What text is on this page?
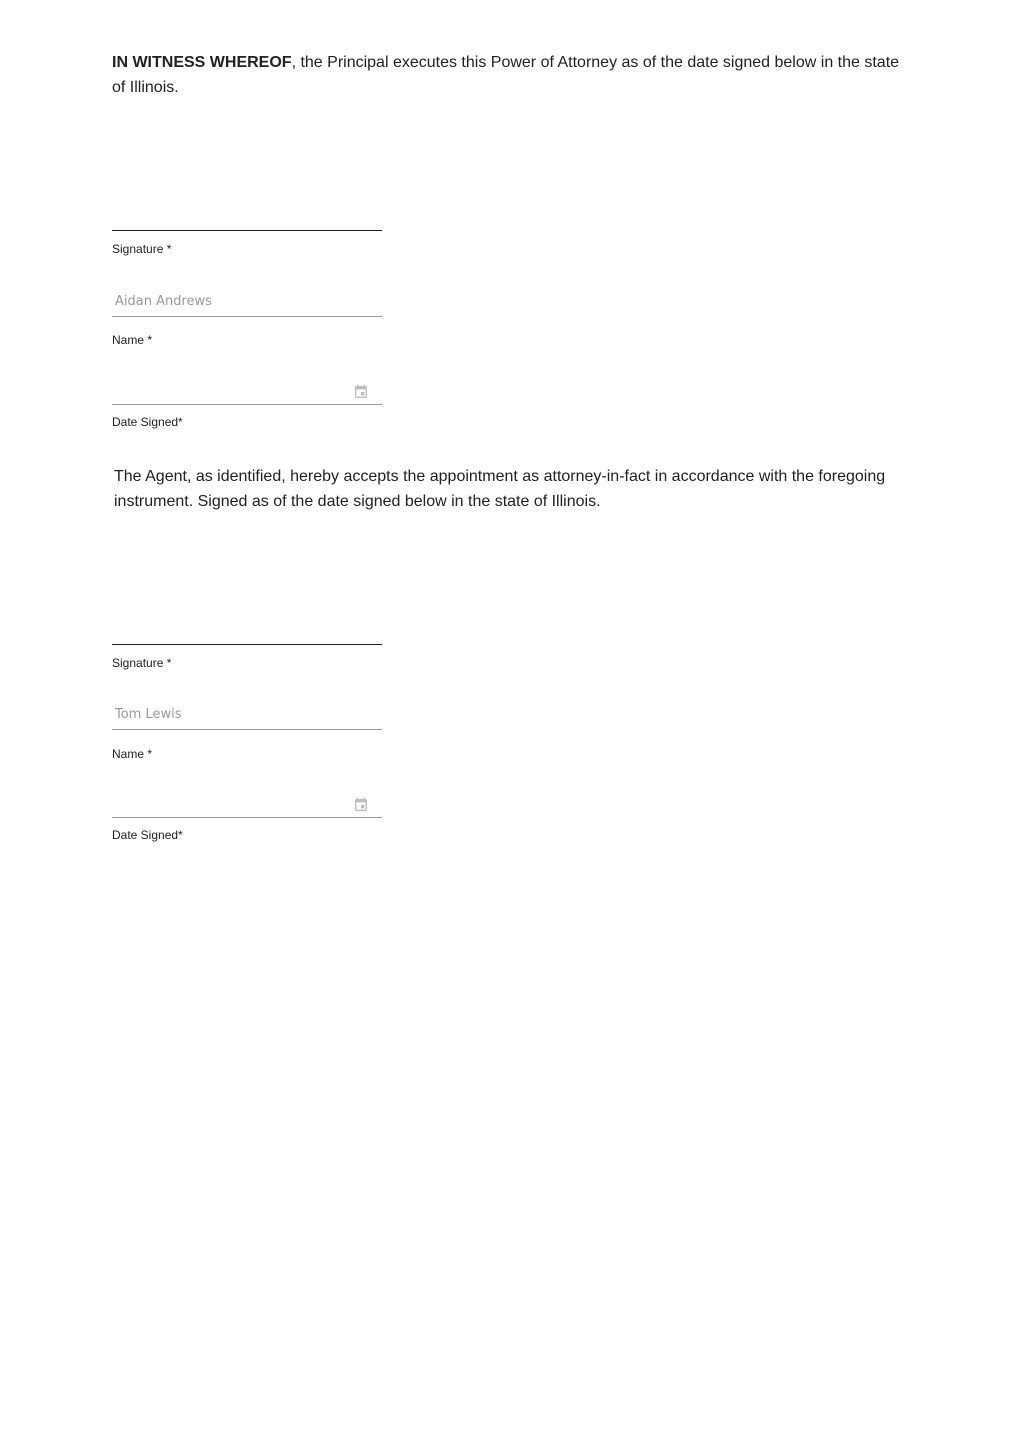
IN WITNESS WHEREOF, the Principal executes this Power of Attorney as of the date signed below in the state of Illinois.

Signature *
Aidan Andrews
Name *
Date Signed*

The Agent, as identified, hereby accepts the appointment as attorney-in-fact in accordance with the foregoing instrument. Signed as of the date signed below in the state of Illinois.

Signature *
Tom Lewis
Name *
Date Signed*
